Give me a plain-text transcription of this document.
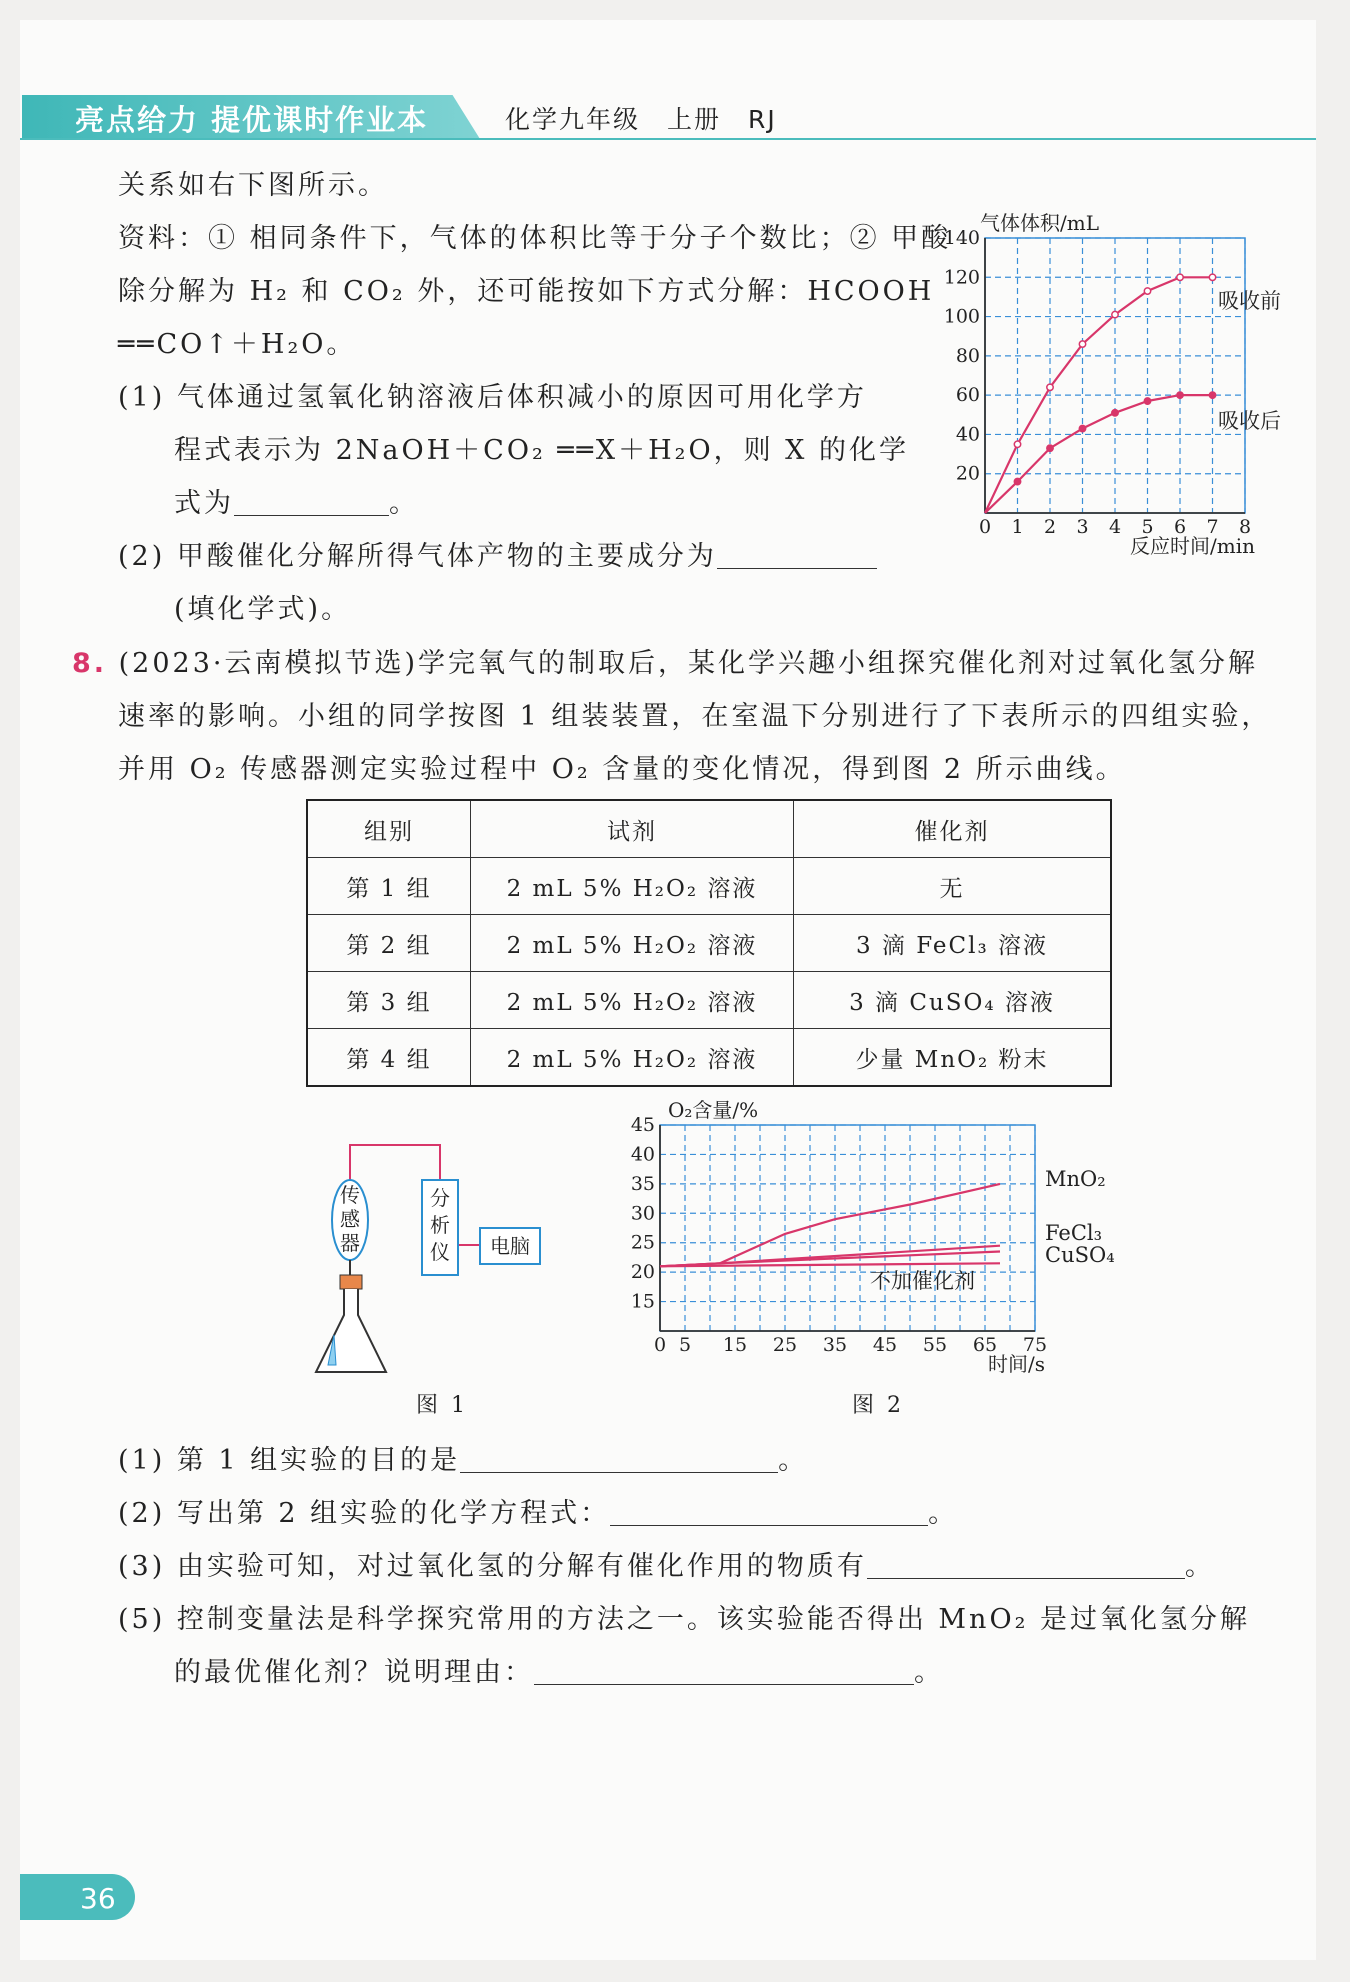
亮点给力 提优课时作业本	化学九年级　上册　RJ
关系如右下图所示。
资料：① 相同条件下，气体的体积比等于分子个数比；② 甲酸
除分解为 H₂ 和 CO₂ 外，还可能按如下方式分解：HCOOH
══CO↑＋H₂O。
(1) 气体通过氢氧化钠溶液后体积减小的原因可用化学方
程式表示为 2NaOH＋CO₂ ══X＋H₂O，则 X 的化学
式为	。
(2) 甲酸催化分解所得气体产物的主要成分为
(填化学式)。
0 1 2 3 4 5 6 7 8
20
40
60
80
100
120
140
气体体积/mL
反应时间/min
吸收前
吸收后
8. (2023·云南模拟节选)学完氧气的制取后，某化学兴趣小组探究催化剂对过氧化氢分解
速率的影响。小组的同学按图 1 组装装置，在室温下分别进行了下表所示的四组实验，
并用 O₂ 传感器测定实验过程中 O₂ 含量的变化情况，得到图 2 所示曲线。
组别	试剂	催化剂
第 1 组	2 mL 5% H₂O₂ 溶液	无
第 2 组	2 mL 5% H₂O₂ 溶液	3 滴 FeCl₃ 溶液
第 3 组	2 mL 5% H₂O₂ 溶液	3 滴 CuSO₄ 溶液
第 4 组	2 mL 5% H₂O₂ 溶液	少量 MnO₂ 粉末
传感器
分析仪 电脑
图 1
0 5 15 25 35 45 55 65 75
15
20
25
30
35
40
45
O₂含量/%
时间/s
MnO₂
FeCl₃
CuSO₄
不加催化剂
图 2
(1) 第 1 组实验的目的是	。
(2) 写出第 2 组实验的化学方程式：	。
(3) 由实验可知，对过氧化氢的分解有催化作用的物质有	。
(5) 控制变量法是科学探究常用的方法之一。该实验能否得出 MnO₂ 是过氧化氢分解
的最优催化剂？说明理由：	。
36
